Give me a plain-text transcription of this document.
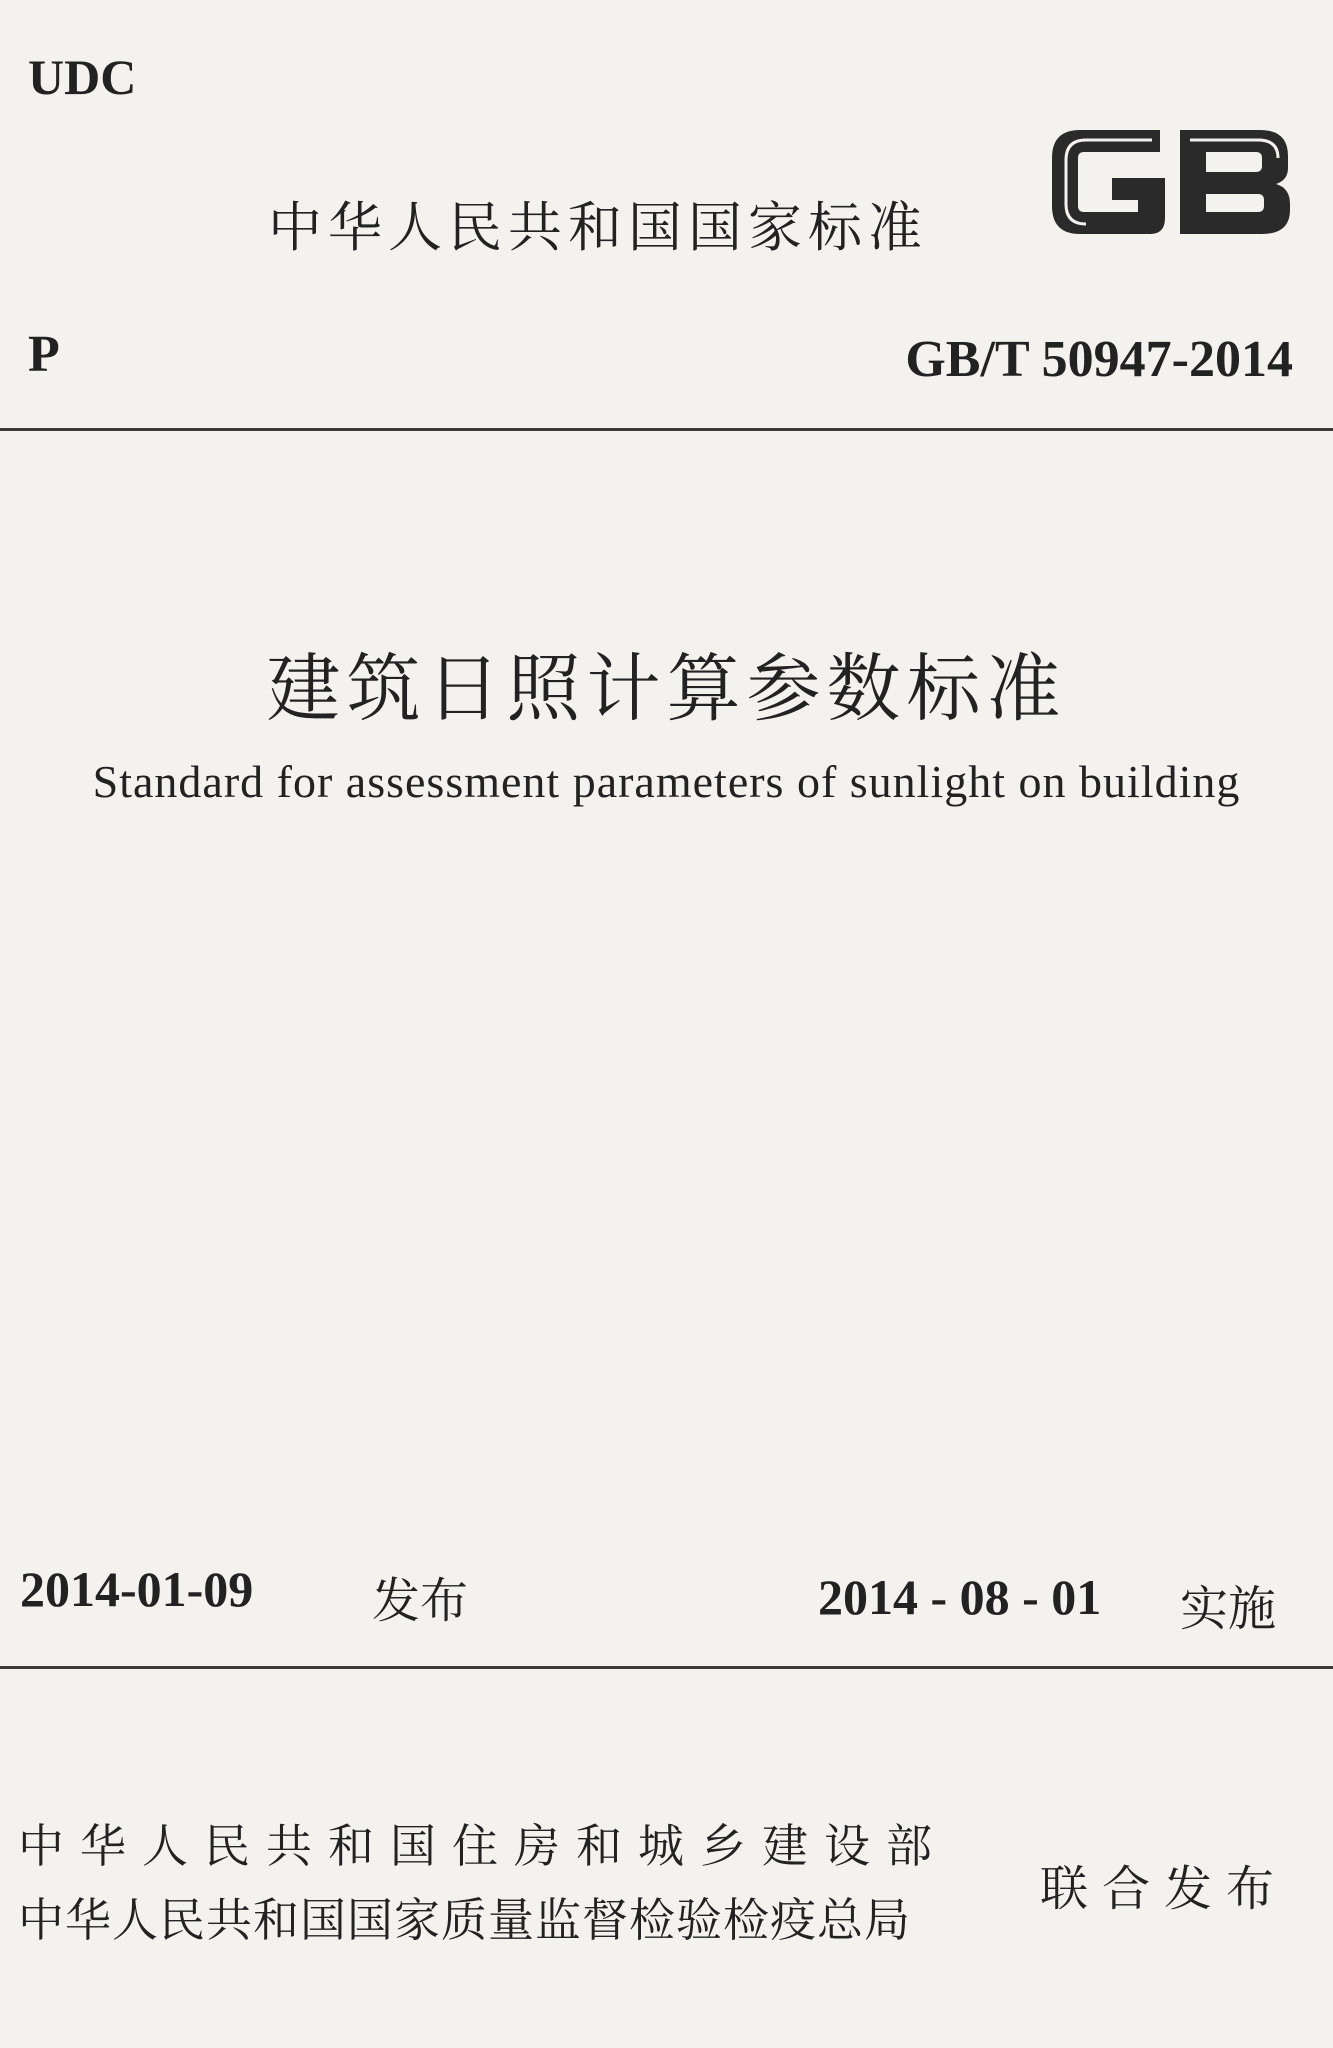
UDC
中华人民共和国国家标准
P	GB/T 50947-2014
建筑日照计算参数标准
Standard for assessment parameters of sunlight on building
2014-01-09 发布	2014 - 08 - 01 实施
中华人民共和国住房和城乡建设部
中华人民共和国国家质量监督检验检疫总局
联合发布
